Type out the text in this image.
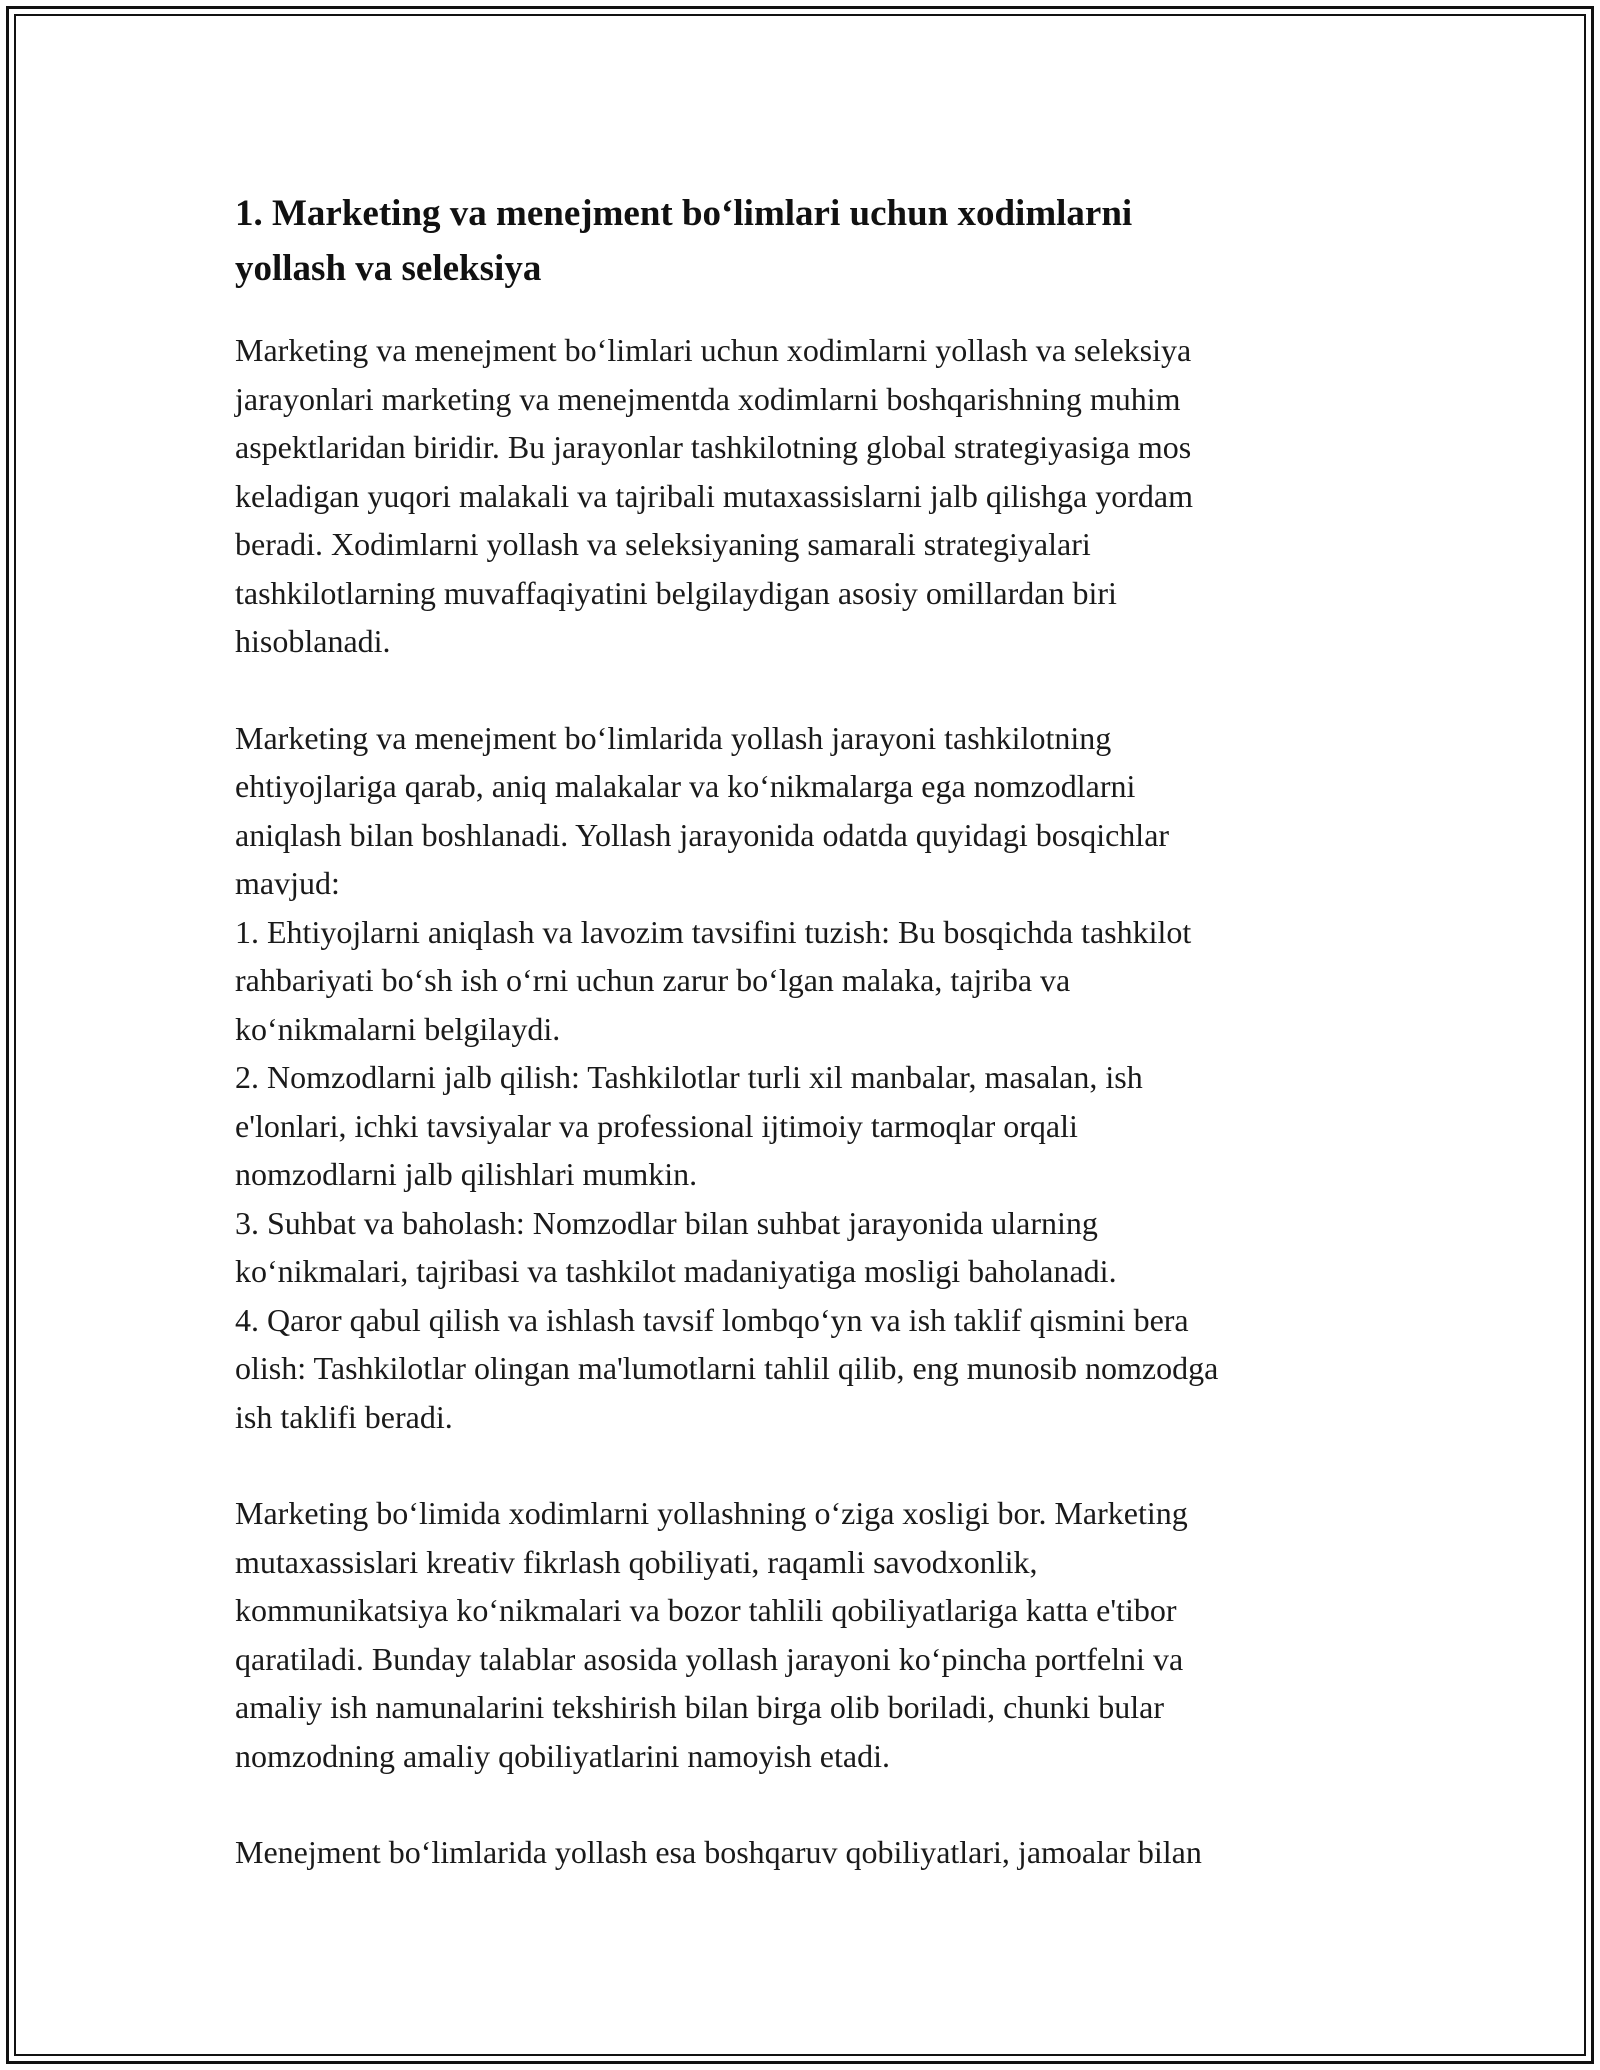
1. Marketing va menejment bo‘limlari uchun xodimlarni
yollash va seleksiya
Marketing va menejment bo‘limlari uchun xodimlarni yollash va seleksiya
jarayonlari marketing va menejmentda xodimlarni boshqarishning muhim
aspektlaridan biridir. Bu jarayonlar tashkilotning global strategiyasiga mos
keladigan yuqori malakali va tajribali mutaxassislarni jalb qilishga yordam
beradi. Xodimlarni yollash va seleksiyaning samarali strategiyalari
tashkilotlarning muvaffaqiyatini belgilaydigan asosiy omillardan biri
hisoblanadi.
Marketing va menejment bo‘limlarida yollash jarayoni tashkilotning
ehtiyojlariga qarab, aniq malakalar va ko‘nikmalarga ega nomzodlarni
aniqlash bilan boshlanadi. Yollash jarayonida odatda quyidagi bosqichlar
mavjud:
1. Ehtiyojlarni aniqlash va lavozim tavsifini tuzish: Bu bosqichda tashkilot
rahbariyati bo‘sh ish o‘rni uchun zarur bo‘lgan malaka, tajriba va
ko‘nikmalarni belgilaydi.
2. Nomzodlarni jalb qilish: Tashkilotlar turli xil manbalar, masalan, ish
e'lonlari, ichki tavsiyalar va professional ijtimoiy tarmoqlar orqali
nomzodlarni jalb qilishlari mumkin.
3. Suhbat va baholash: Nomzodlar bilan suhbat jarayonida ularning
ko‘nikmalari, tajribasi va tashkilot madaniyatiga mosligi baholanadi.
4. Qaror qabul qilish va ishlash tavsif lombqo‘yn va ish taklif qismini bera
olish: Tashkilotlar olingan ma'lumotlarni tahlil qilib, eng munosib nomzodga
ish taklifi beradi.
Marketing bo‘limida xodimlarni yollashning o‘ziga xosligi bor. Marketing
mutaxassislari kreativ fikrlash qobiliyati, raqamli savodxonlik,
kommunikatsiya ko‘nikmalari va bozor tahlili qobiliyatlariga katta e'tibor
qaratiladi. Bunday talablar asosida yollash jarayoni ko‘pincha portfelni va
amaliy ish namunalarini tekshirish bilan birga olib boriladi, chunki bular
nomzodning amaliy qobiliyatlarini namoyish etadi.
Menejment bo‘limlarida yollash esa boshqaruv qobiliyatlari, jamoalar bilan
